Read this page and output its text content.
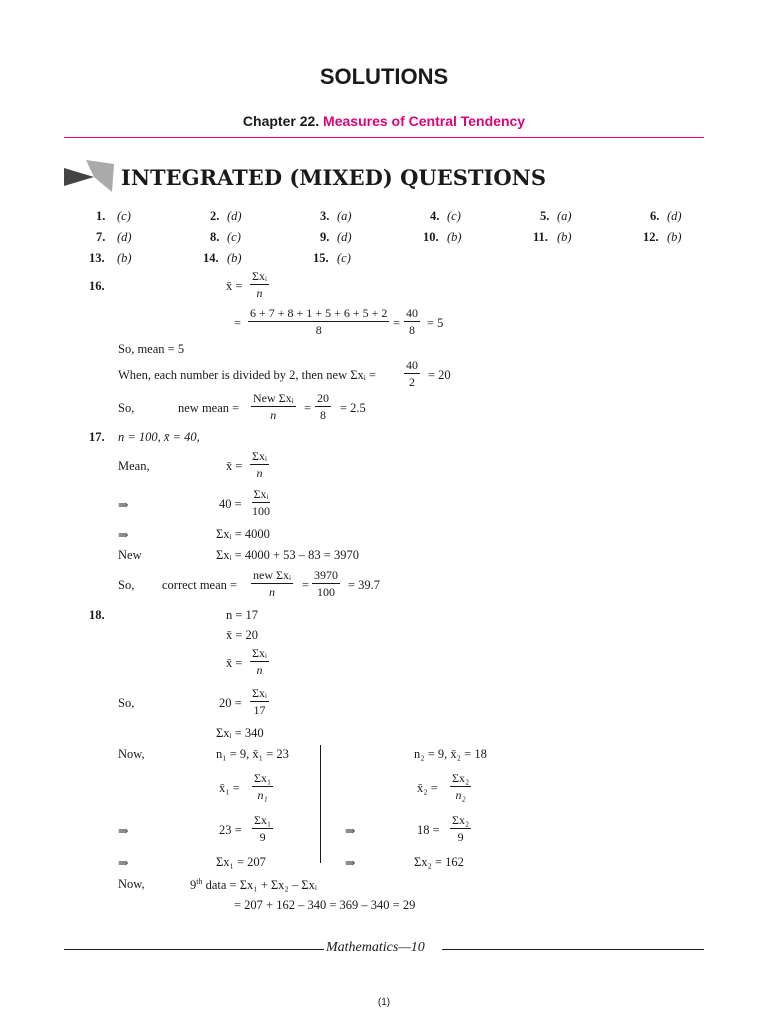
SOLUTIONS
Chapter 22. Measures of Central Tendency
INTEGRATED (MIXED) QUESTIONS
1. (c)	2. (d)	3. (a)	4. (c)	5. (a)	6. (d)
7. (d)	8. (c)	9. (d)	10. (b)	11. (b)	12. (b)
13. (b)	14. (b)	15. (c)
16.	x̄ =
Σxᵢ
n
= $\frac{6 + 7 + 8 + 1 + 5 + 6 + 5 + 2}{8} = \frac{40}{8} = 5$
So, mean = 5
When, each number is divided by 2, then new Σxᵢ = $\frac{40}{2} = 20$
So,	new mean =
New Σxᵢ
$n = \frac{20}{8} = 2.5$
17. n = 100, x̄ = 40,
Mean,	x̄ =
Σxᵢ
n
⇒	40 =
Σxᵢ
100
⇒	Σxᵢ = 4000
New	Σxᵢ = 4000 + 53 – 83 = 3970
So, correct mean =
new Σxᵢ
$n = \frac{3970}{100} = 39.7$
18.	n = 17
x̄ = 20
x̄ =
Σxᵢ
n
So,	20 =
Σxᵢ
17
Σxᵢ = 340
Now,	n₁ = 9, x̄₁ = 23	n₂ = 9, x̄₂ = 18
x̄₁ = $\frac{\text{Σx₁}}{\text{n₁}}$	x̄₂ = $\frac{\text{Σx₂}}{\text{n₂}}$
⇒	$23 = \frac{\text{Σx₁}}{9}$	⇒	$18 = \frac{\text{Σx₂}}{9}$
⇒	Σx₁ = 207	⇒	Σx₂ = 162
Now,	9th data = Σx₁ + Σx₂ – Σxᵢ
= 207 + 162 – 340 = 369 – 340 = 29
Mathematics—10
(1)
